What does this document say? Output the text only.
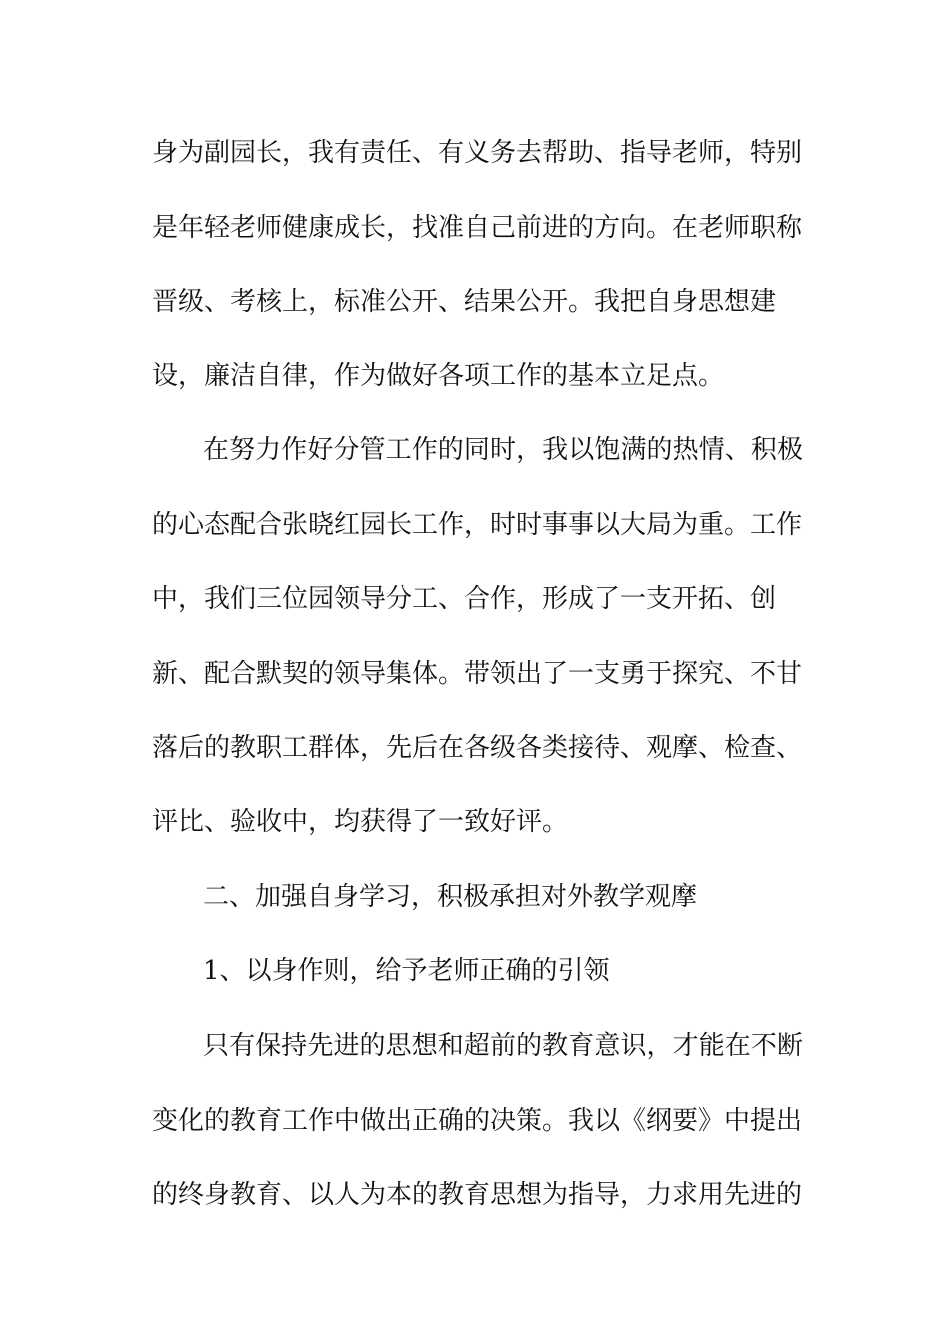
身为副园长，我有责任、有义务去帮助、指导老师，特别
是年轻老师健康成长，找准自己前进的方向。在老师职称
晋级、考核上，标准公开、结果公开。我把自身思想建
设，廉洁自律，作为做好各项工作的基本立足点。
在努力作好分管工作的同时，我以饱满的热情、积极
的心态配合张晓红园长工作，时时事事以大局为重。工作
中，我们三位园领导分工、合作，形成了一支开拓、创
新、配合默契的领导集体。带领出了一支勇于探究、不甘
落后的教职工群体，先后在各级各类接待、观摩、检查、
评比、验收中，均获得了一致好评。
二、加强自身学习，积极承担对外教学观摩
1、以身作则，给予老师正确的引领
只有保持先进的思想和超前的教育意识，才能在不断
变化的教育工作中做出正确的决策。我以《纲要》中提出
的终身教育、以人为本的教育思想为指导，力求用先进的
